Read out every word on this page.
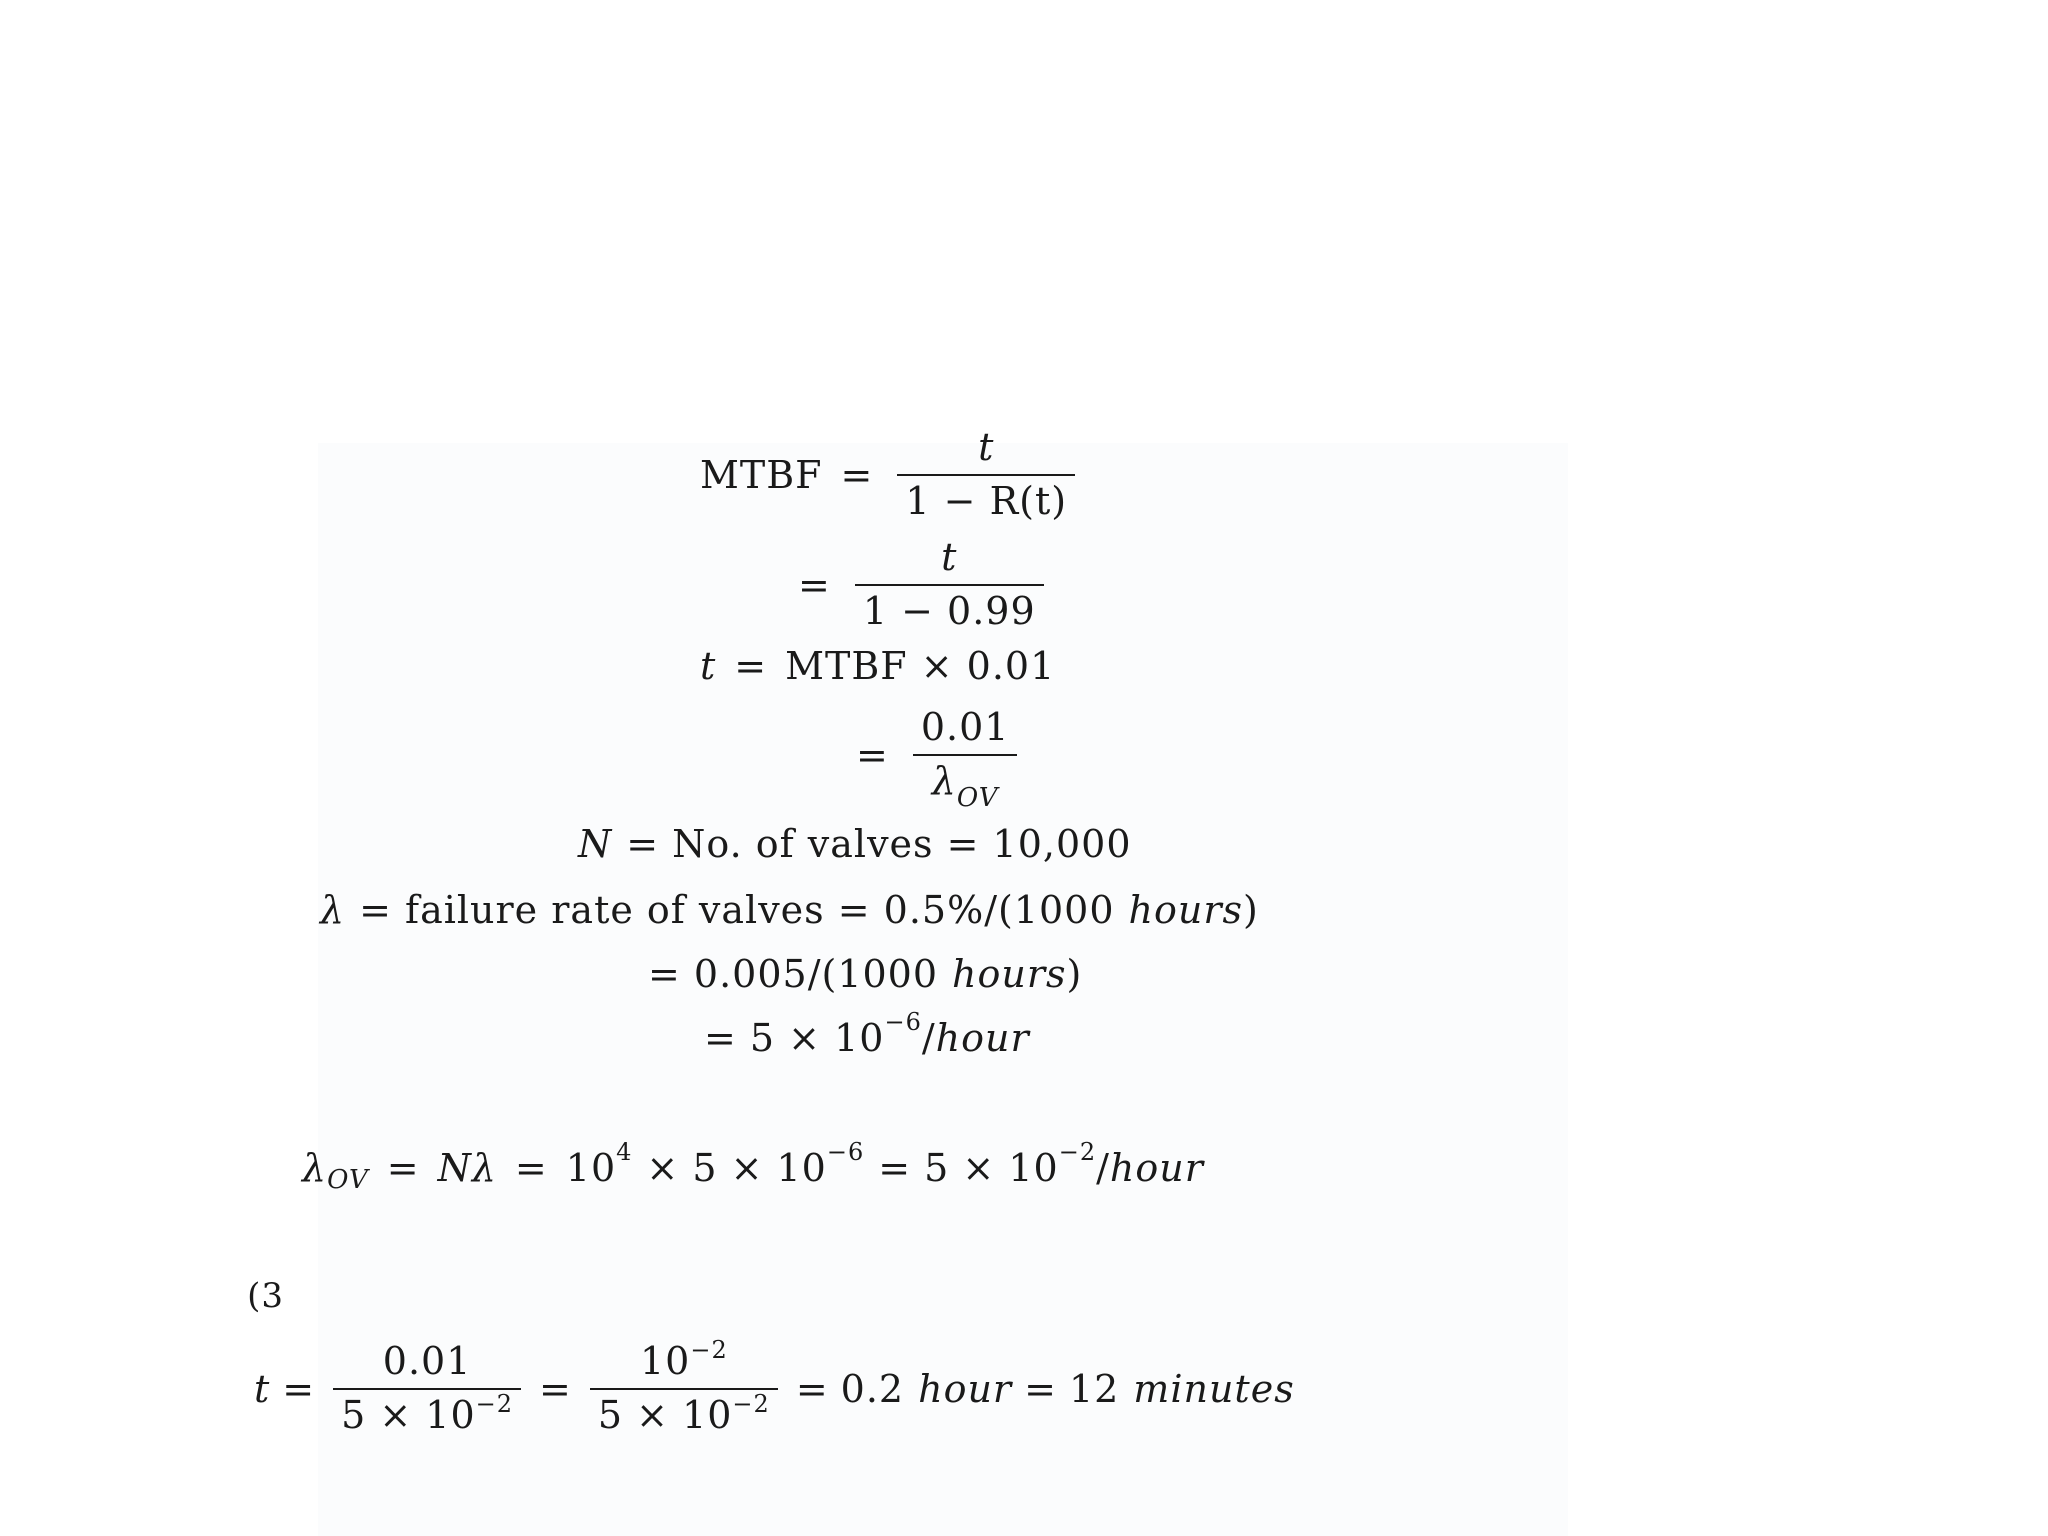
MTBF = $\frac{t}{1 - R(t)}$
= $\frac{t}{1 - 0.99}$
t = MTBF × 0.01
= $\frac{0.01}{\lambda_{OV}}$
N = No. of valves = 10,000
λ = failure rate of valves = 0.5%/(1000 hours )
= 0.005/(1000 hours )
= 5 × 10 −6 / hour
λ OV = Nλ = 10 4 × 5 × 10 −6 = 5 × 10 −2 / hour
3)
$t = \frac{0.01}{5 \times 10^{-2}} = \frac{10^{-2}}{5 \times 10^{-2}} = 0.2$ hour = 12 minutes
